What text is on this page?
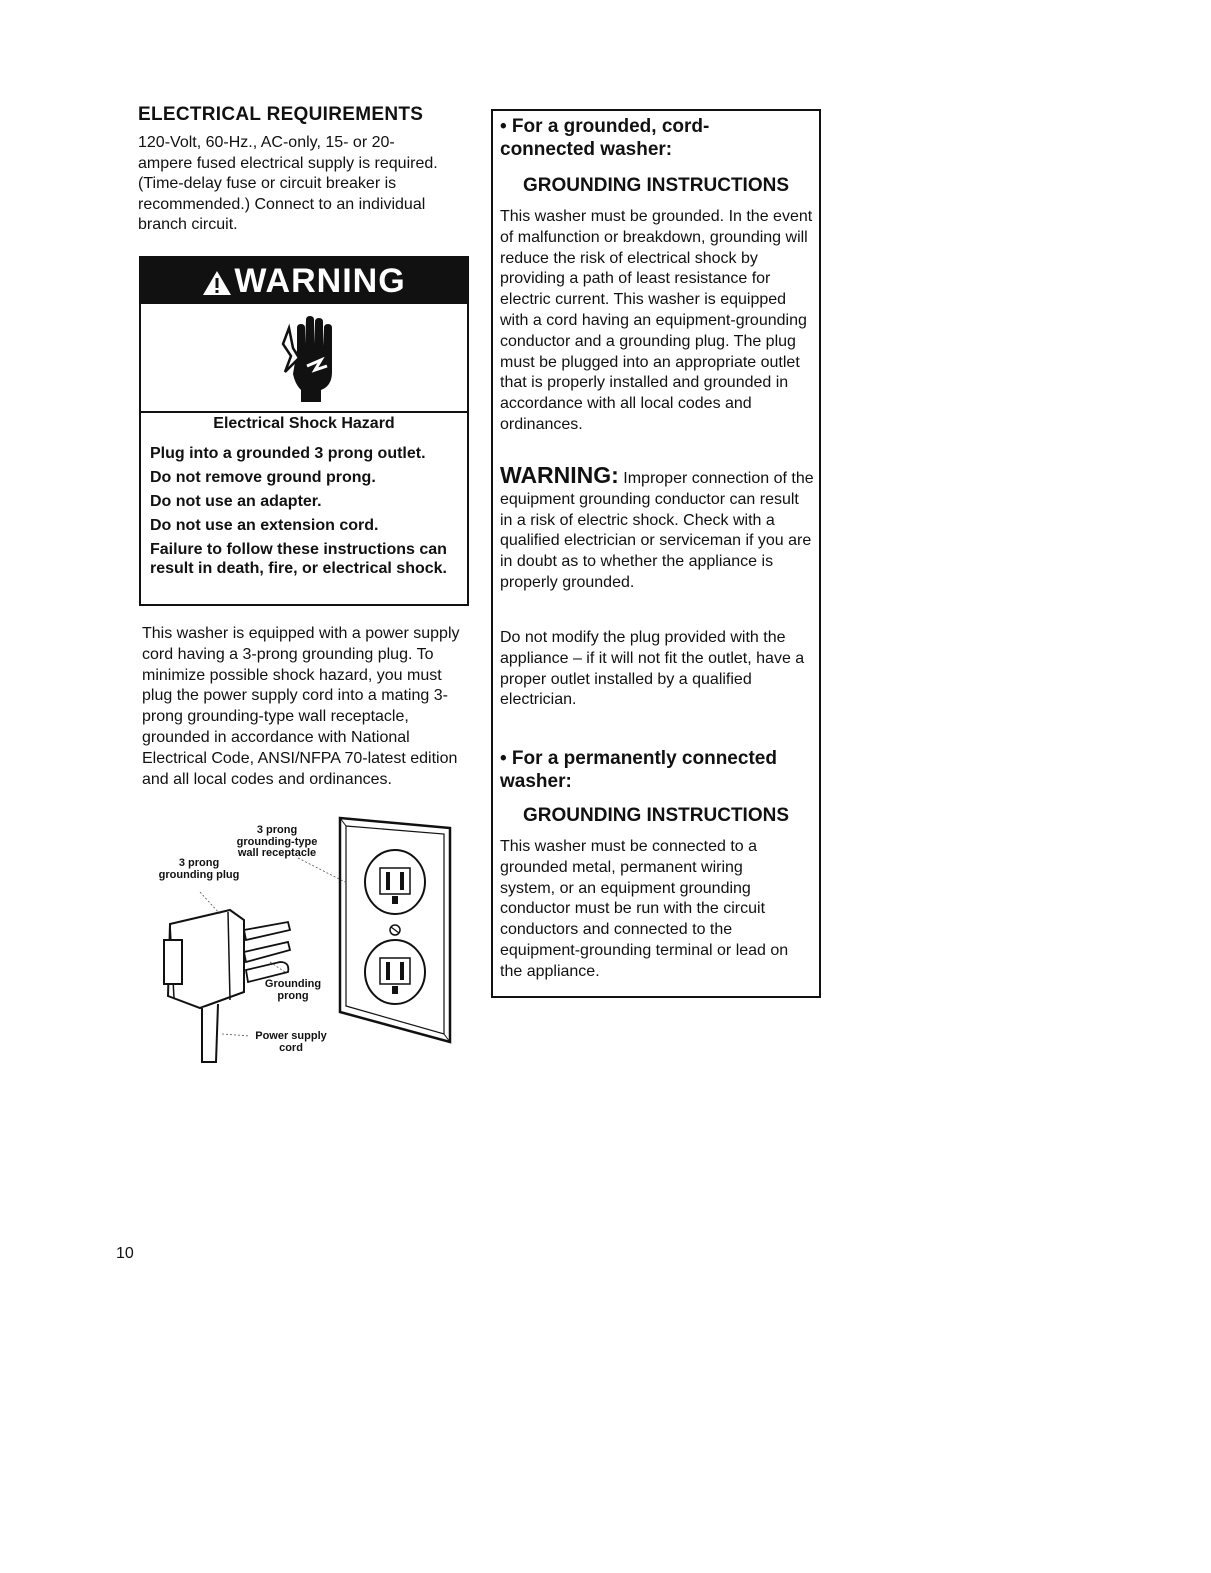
ELECTRICAL REQUIREMENTS
120-Volt, 60-Hz., AC-only, 15- or 20-ampere fused electrical supply is required. (Time-delay fuse or circuit breaker is recommended.) Connect to an individual branch circuit.
WARNING
Electrical Shock Hazard
Plug into a grounded 3 prong outlet.
Do not remove ground prong.
Do not use an adapter.
Do not use an extension cord.
Failure to follow these instructions can result in death, fire, or electrical shock.
This washer is equipped with a power supply cord having a 3-prong grounding plug. To minimize possible shock hazard, you must plug the power supply cord into a mating 3-prong grounding-type wall receptacle, grounded in accordance with National Electrical Code, ANSI/NFPA 70-latest edition and all local codes and ordinances.
3 prong grounding-type wall receptacle
3 prong grounding plug
Grounding prong
Power supply cord
10
• For a grounded, cord-connected washer:
GROUNDING INSTRUCTIONS
This washer must be grounded. In the event of malfunction or breakdown, grounding will reduce the risk of electrical shock by providing a path of least resistance for electric current. This washer is equipped with a cord having an equipment-grounding conductor and a grounding plug. The plug must be plugged into an appropriate outlet that is properly installed and grounded in accordance with all local codes and ordinances.
WARNING: Improper connection of the equipment grounding conductor can result in a risk of electric shock. Check with a qualified electrician or serviceman if you are in doubt as to whether the appliance is properly grounded.
Do not modify the plug provided with the appliance – if it will not fit the outlet, have a proper outlet installed by a qualified electrician.
• For a permanently connected washer:
GROUNDING INSTRUCTIONS
This washer must be connected to a grounded metal, permanent wiring system, or an equipment grounding conductor must be run with the circuit conductors and connected to the equipment-grounding terminal or lead on the appliance.
